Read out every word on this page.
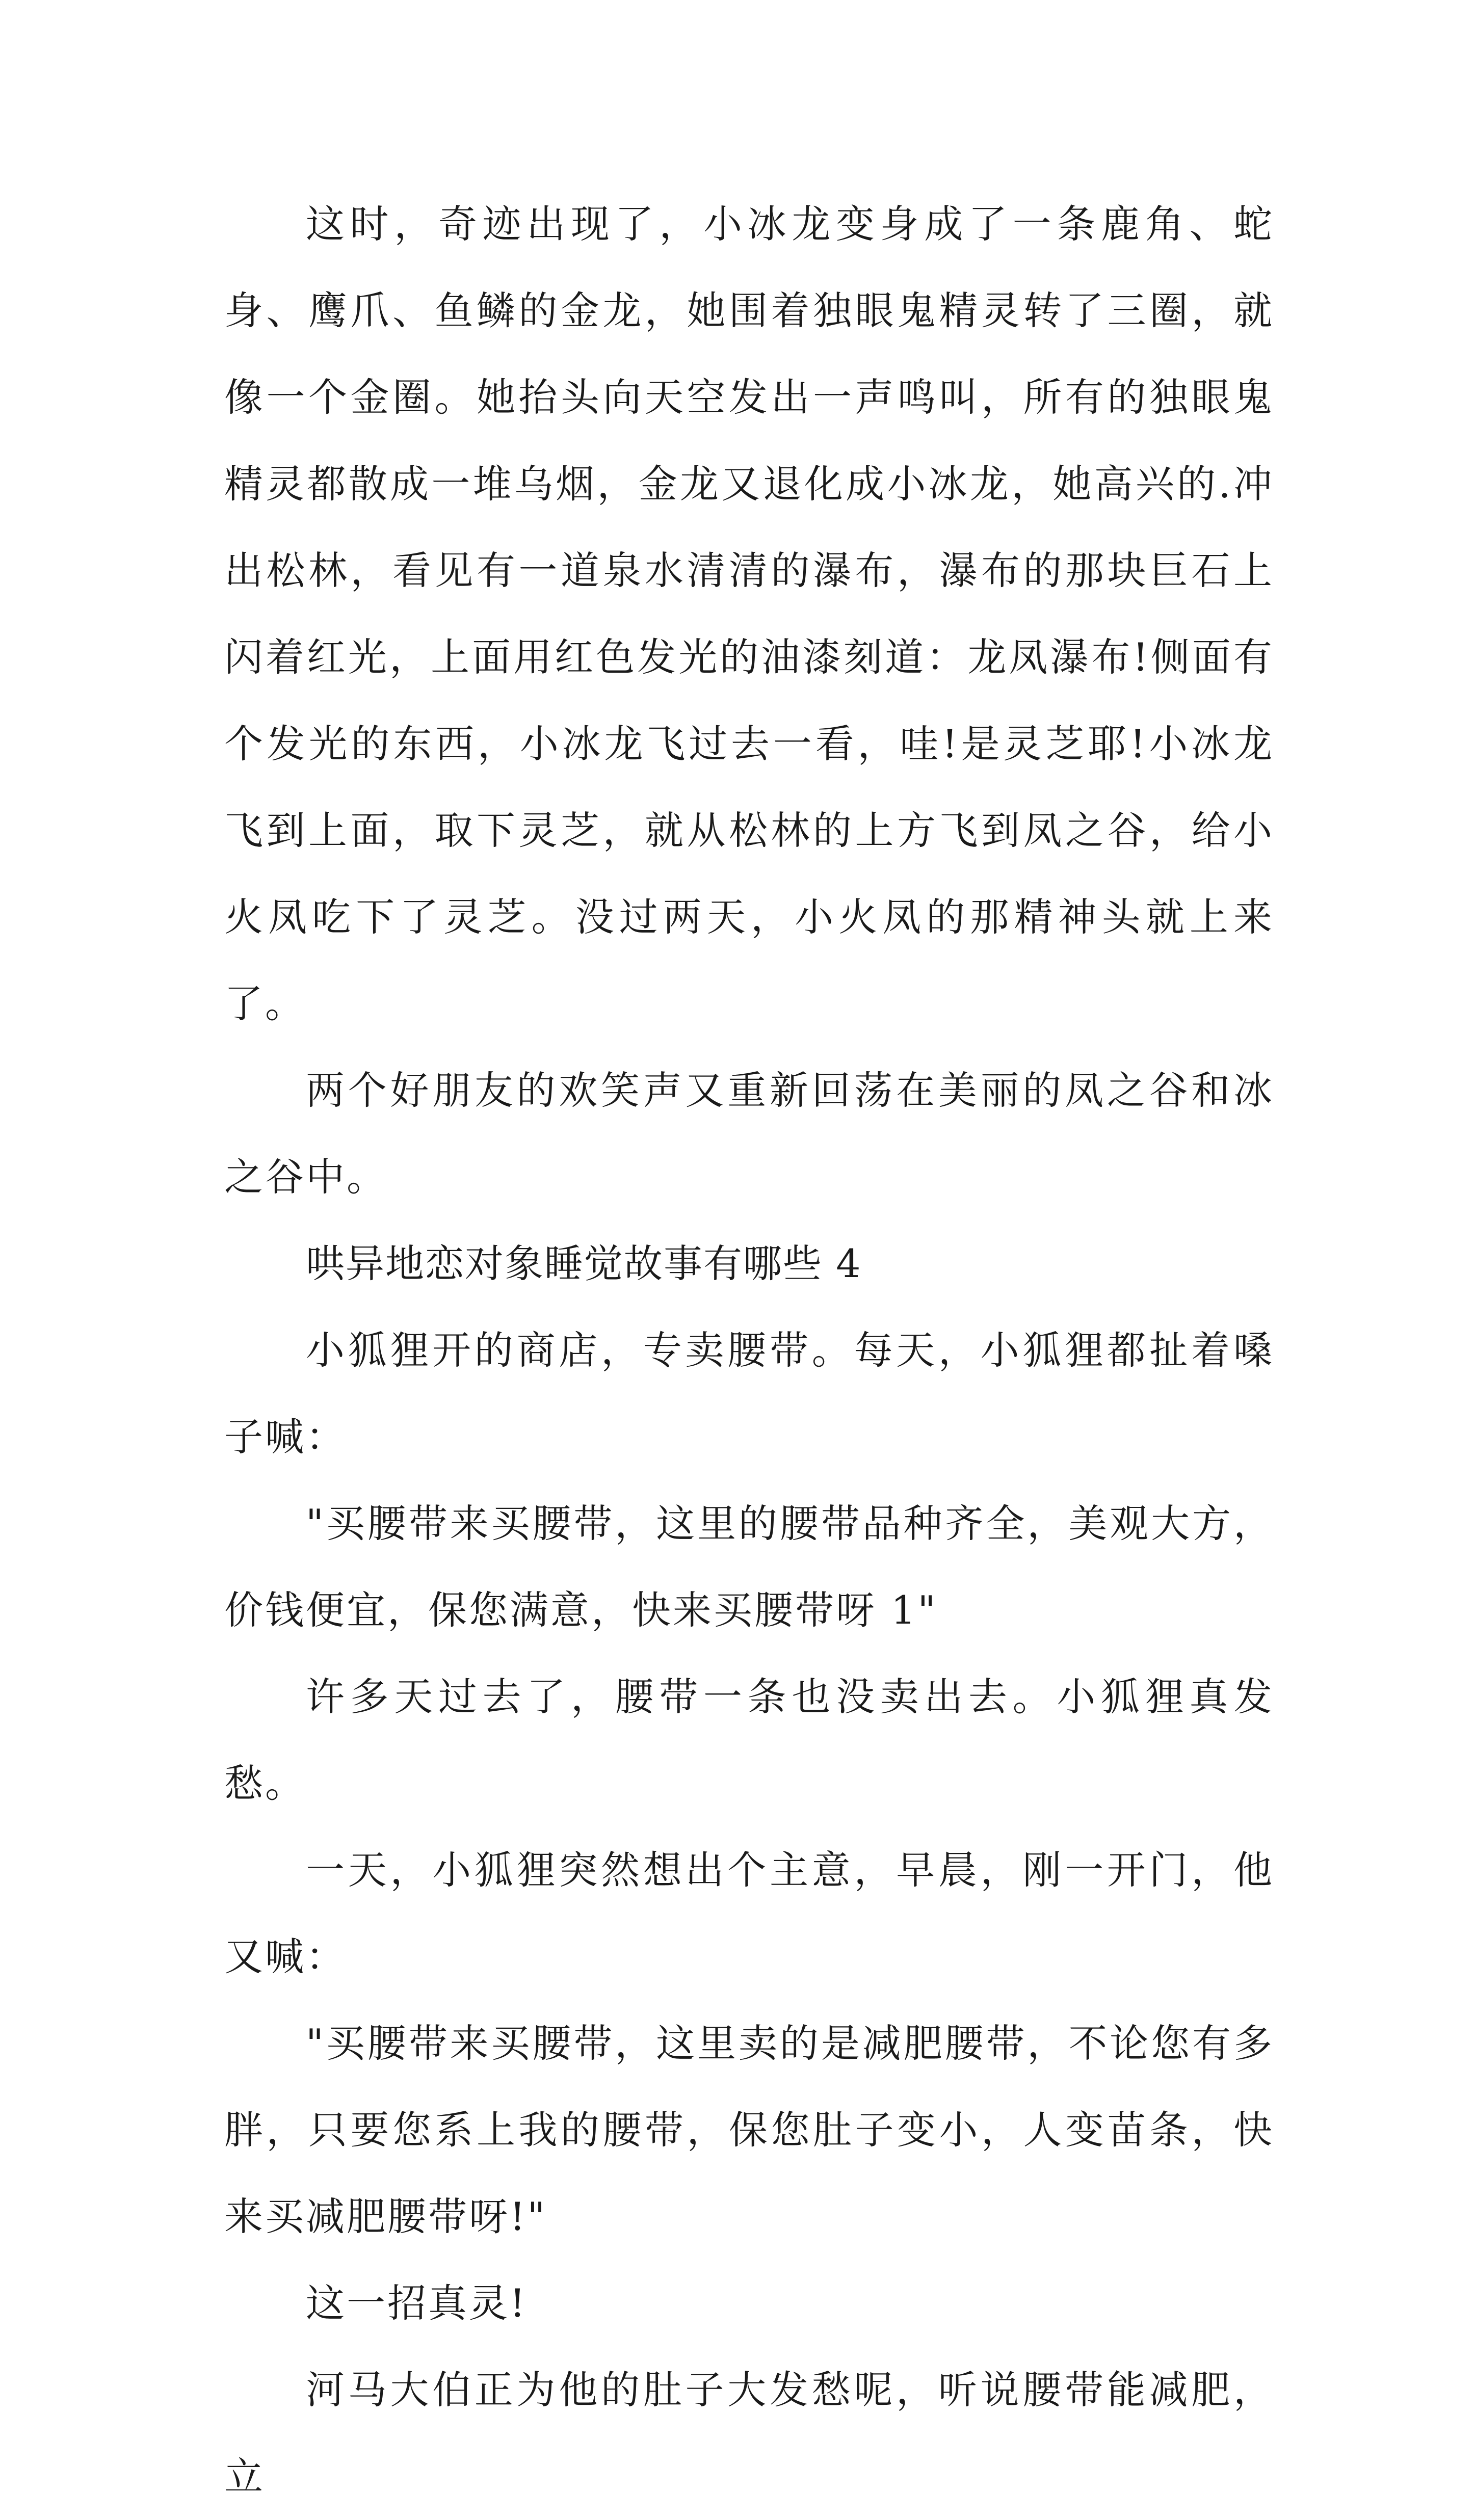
这时，奇迹出现了，小冰龙变身成了一条鹿角、蛇身、鹰爪、鱼鳞的金龙，她围着独眼鬼精灵转了三圈，就像一个金圈。她抬头向天空发出一声鸣叫，所有的独眼鬼精灵都散成一堆乌烟，金龙又退化成小冰龙，她高兴的.冲出松林，看见有一道泉水清清的瀑布，瀑布的那块巨石上闪着红光，上面用红色发光的油漆刻道：龙凤瀑布!侧面有个发光的东西，小冰龙飞过去一看，哇!是灵芝耶!小冰龙飞到上面，取下灵芝，就从松林的上方飞到凤之谷，给小火凤吃下了灵芝。没过两天，小火凤的那精神头就上来了。

两个好朋友的欢笑声又重新回荡在美丽的凤之谷和冰之谷中。

哄异地恋对象睡觉故事有哪些 4

小狐狸开的商店，专卖腰带。每天，小狐狸都扯着嗓子喊：

"买腰带来买腰带，这里的腰带品种齐全，美观大方，价钱便宜，保您满意，快来买腰带呀 1"

许多天过去了，腰带一条也没卖出去。小狐狸真发愁。

一天，小狐狸突然想出个主意，早晨，刚一开门，他又喊：

"买腰带来买腰带，这里卖的是减肥腰带，不论您有多胖，只要您系上我的腰带，保您肚子变小，人变苗条，快来买减肥腰带呀!"

这一招真灵!

河马大伯正为他的肚子大发愁呢，听说腰带能减肥，立
